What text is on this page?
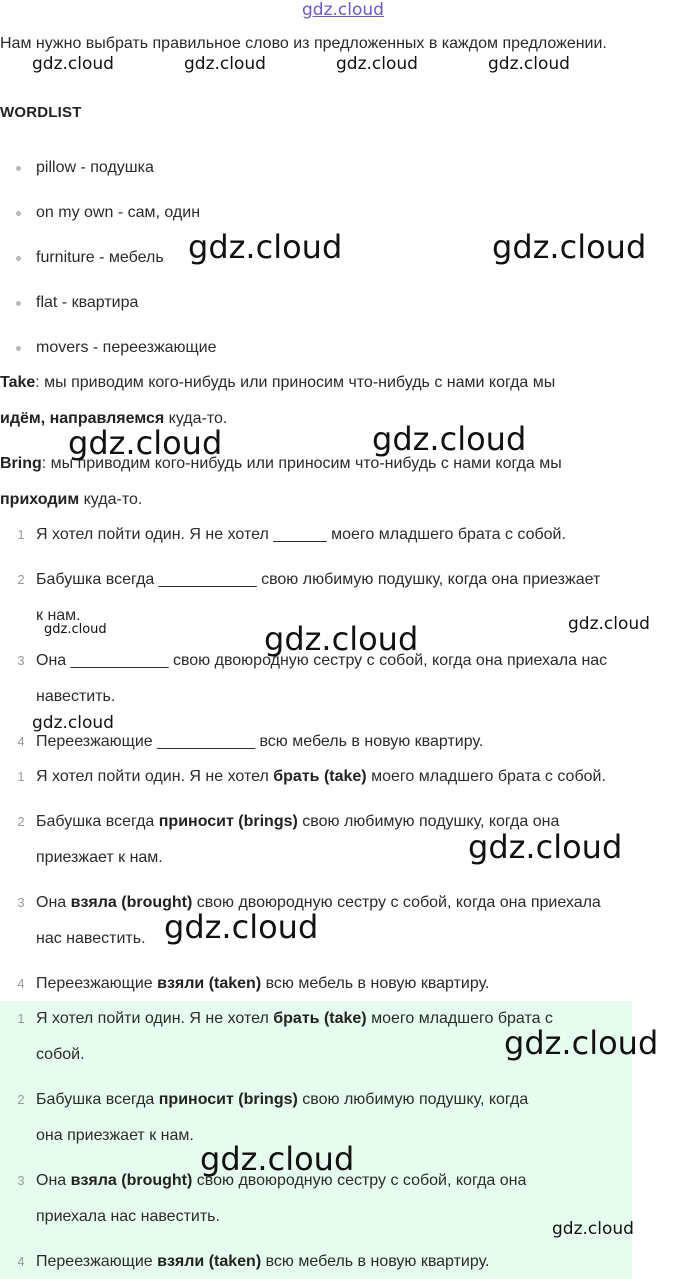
Нам нужно выбрать правильное слово из предложенных в каждом предложении.
WORDLIST
pillow - подушка
on my own - сам, один
furniture - мебель
flat - квартира
movers - переезжающие
Take: мы приводим кого-нибудь или приносим что-нибудь с нами когда мы
идём, направляемся куда-то.
Bring: мы приводим кого-нибудь или приносим что-нибудь с нами когда мы
приходим куда-то.
1 Я хотел пойти один. Я не хотел ______ моего младшего брата с собой.
2 Бабушка всегда ___________ свою любимую подушку, когда она приезжает
к нам.
3 Она ___________ свою двоюродную сестру с собой, когда она приехала нас
навестить.
4 Переезжающие ___________ всю мебель в новую квартиру.
1 Я хотел пойти один. Я не хотел брать (take) моего младшего брата с собой.
2 Бабушка всегда приносит (brings) свою любимую подушку, когда она
приезжает к нам.
3 Она взяла (brought) свою двоюродную сестру с собой, когда она приехала
нас навестить.
4 Переезжающие взяли (taken) всю мебель в новую квартиру.
1 Я хотел пойти один. Я не хотел брать (take) моего младшего брата с
собой.
2 Бабушка всегда приносит (brings) свою любимую подушку, когда
она приезжает к нам.
3 Она взяла (brought) свою двоюродную сестру с собой, когда она
приехала нас навестить.
4 Переезжающие взяли (taken) всю мебель в новую квартиру.
gdz.cloud
gdz.cloud	gdz.cloud	gdz.cloud	gdz.cloud
gdz.cloud	gdz.cloud
gdz.cloud	gdz.cloud
gdz.cloud	gdz.cloud	gdz.cloud
gdz.cloud
gdz.cloud
gdz.cloud
gdz.cloud
gdz.cloud
gdz.cloud
